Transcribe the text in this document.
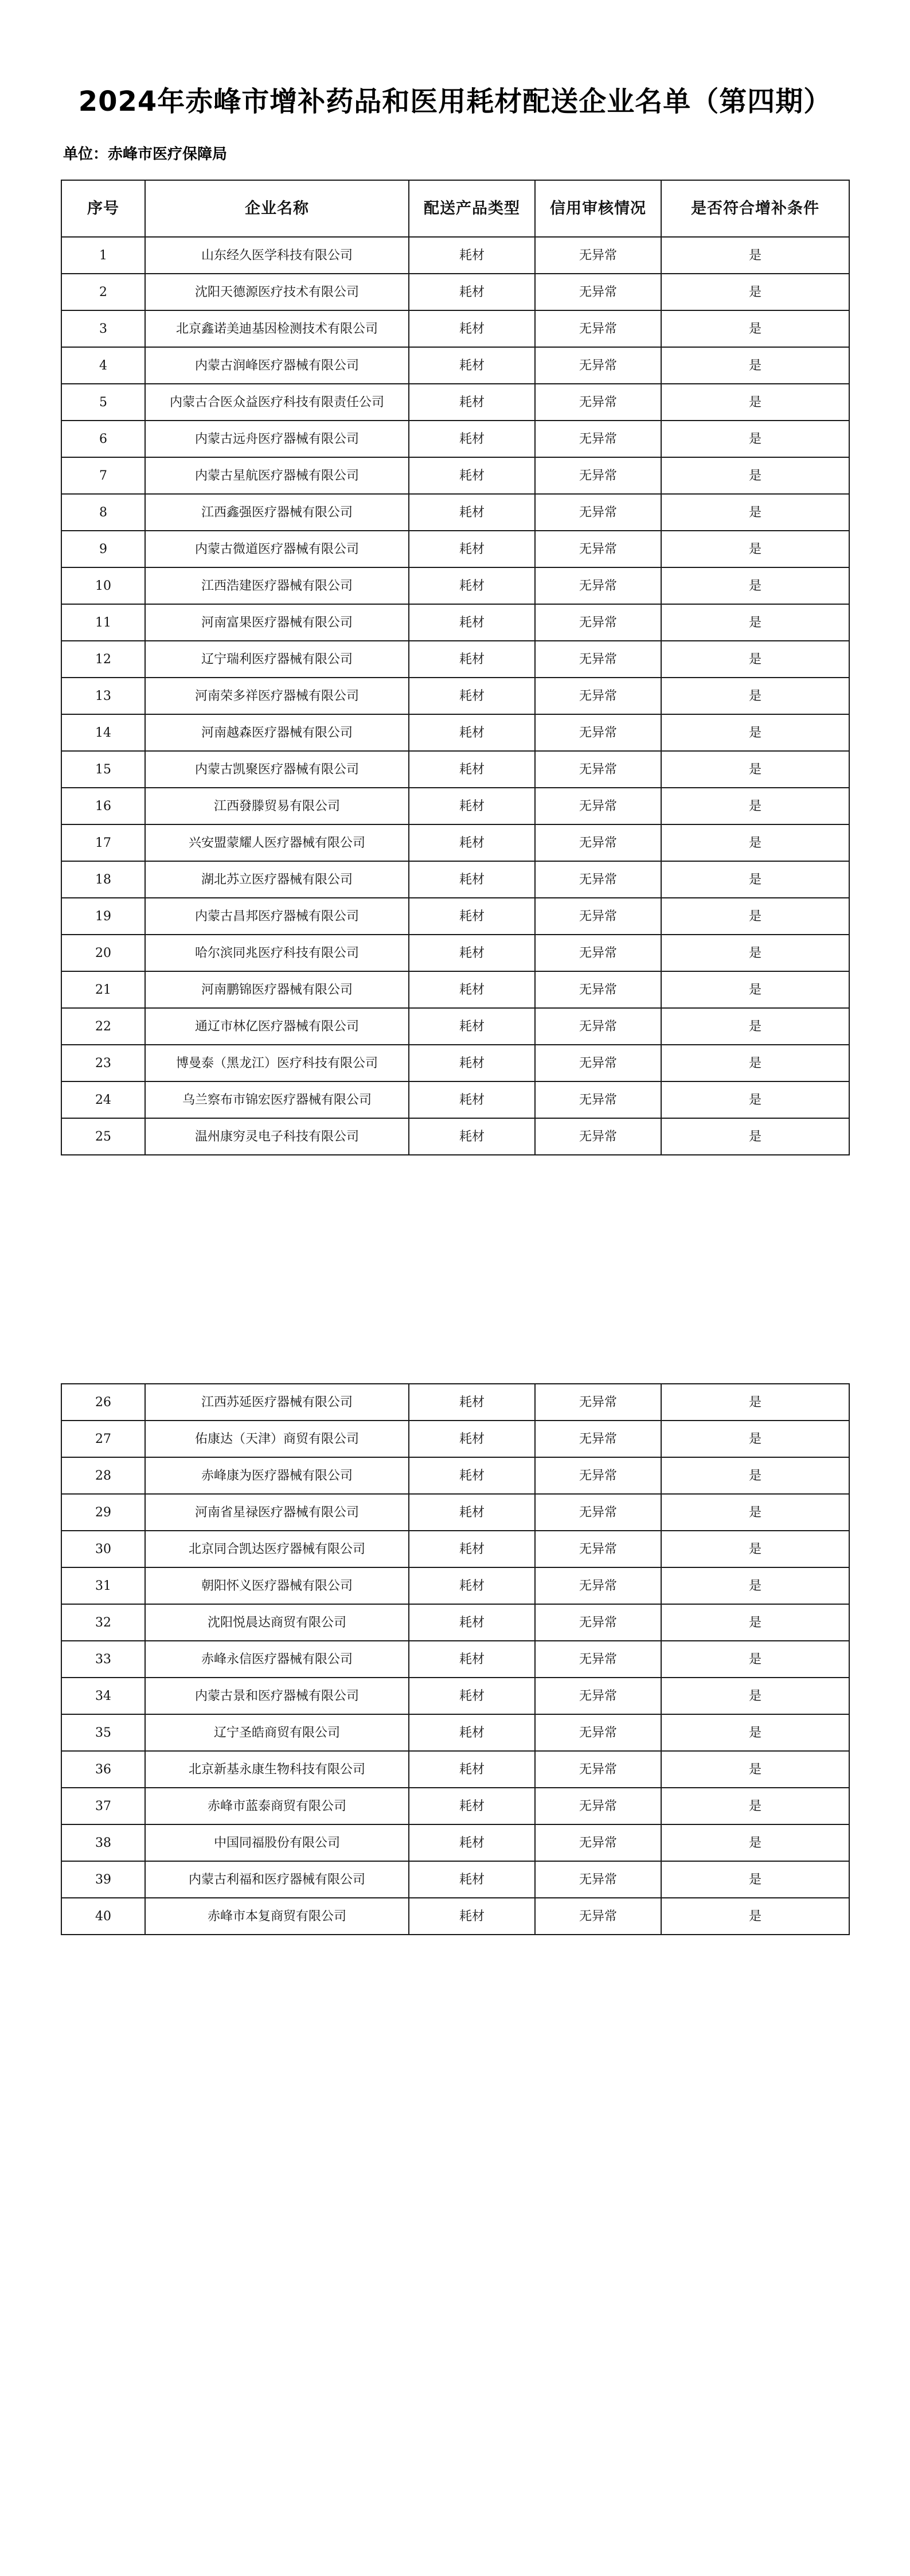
2024年赤峰市增补药品和医用耗材配送企业名单（第四期）
单位：赤峰市医疗保障局
序号	企业名称	配送产品类型	信用审核情况	是否符合增补条件
1	山东经久医学科技有限公司	耗材	无异常	是
2	沈阳天德源医疗技术有限公司	耗材	无异常	是
3	北京鑫诺美迪基因检测技术有限公司	耗材	无异常	是
4	内蒙古润峰医疗器械有限公司	耗材	无异常	是
5	内蒙古合医众益医疗科技有限责任公司	耗材	无异常	是
6	内蒙古远舟医疗器械有限公司	耗材	无异常	是
7	内蒙古星航医疗器械有限公司	耗材	无异常	是
8	江西鑫强医疗器械有限公司	耗材	无异常	是
9	内蒙古微道医疗器械有限公司	耗材	无异常	是
10	江西浩建医疗器械有限公司	耗材	无异常	是
11	河南富果医疗器械有限公司	耗材	无异常	是
12	辽宁瑞利医疗器械有限公司	耗材	无异常	是
13	河南荣多祥医疗器械有限公司	耗材	无异常	是
14	河南越森医疗器械有限公司	耗材	无异常	是
15	内蒙古凯聚医疗器械有限公司	耗材	无异常	是
16	江西發滕贸易有限公司	耗材	无异常	是
17	兴安盟蒙耀人医疗器械有限公司	耗材	无异常	是
18	湖北苏立医疗器械有限公司	耗材	无异常	是
19	内蒙古昌邦医疗器械有限公司	耗材	无异常	是
20	哈尔滨同兆医疗科技有限公司	耗材	无异常	是
21	河南鹏锦医疗器械有限公司	耗材	无异常	是
22	通辽市林亿医疗器械有限公司	耗材	无异常	是
23	博曼泰（黑龙江）医疗科技有限公司	耗材	无异常	是
24	乌兰察布市锦宏医疗器械有限公司	耗材	无异常	是
25	温州康穷灵电子科技有限公司	耗材	无异常	是
26	江西苏延医疗器械有限公司	耗材	无异常	是
27	佑康达（天津）商贸有限公司	耗材	无异常	是
28	赤峰康为医疗器械有限公司	耗材	无异常	是
29	河南省星禄医疗器械有限公司	耗材	无异常	是
30	北京同合凯达医疗器械有限公司	耗材	无异常	是
31	朝阳怀义医疗器械有限公司	耗材	无异常	是
32	沈阳悦晨达商贸有限公司	耗材	无异常	是
33	赤峰永信医疗器械有限公司	耗材	无异常	是
34	内蒙古景和医疗器械有限公司	耗材	无异常	是
35	辽宁圣皓商贸有限公司	耗材	无异常	是
36	北京新基永康生物科技有限公司	耗材	无异常	是
37	赤峰市蓝泰商贸有限公司	耗材	无异常	是
38	中国同福股份有限公司	耗材	无异常	是
39	内蒙古利福和医疗器械有限公司	耗材	无异常	是
40	赤峰市本复商贸有限公司	耗材	无异常	是
